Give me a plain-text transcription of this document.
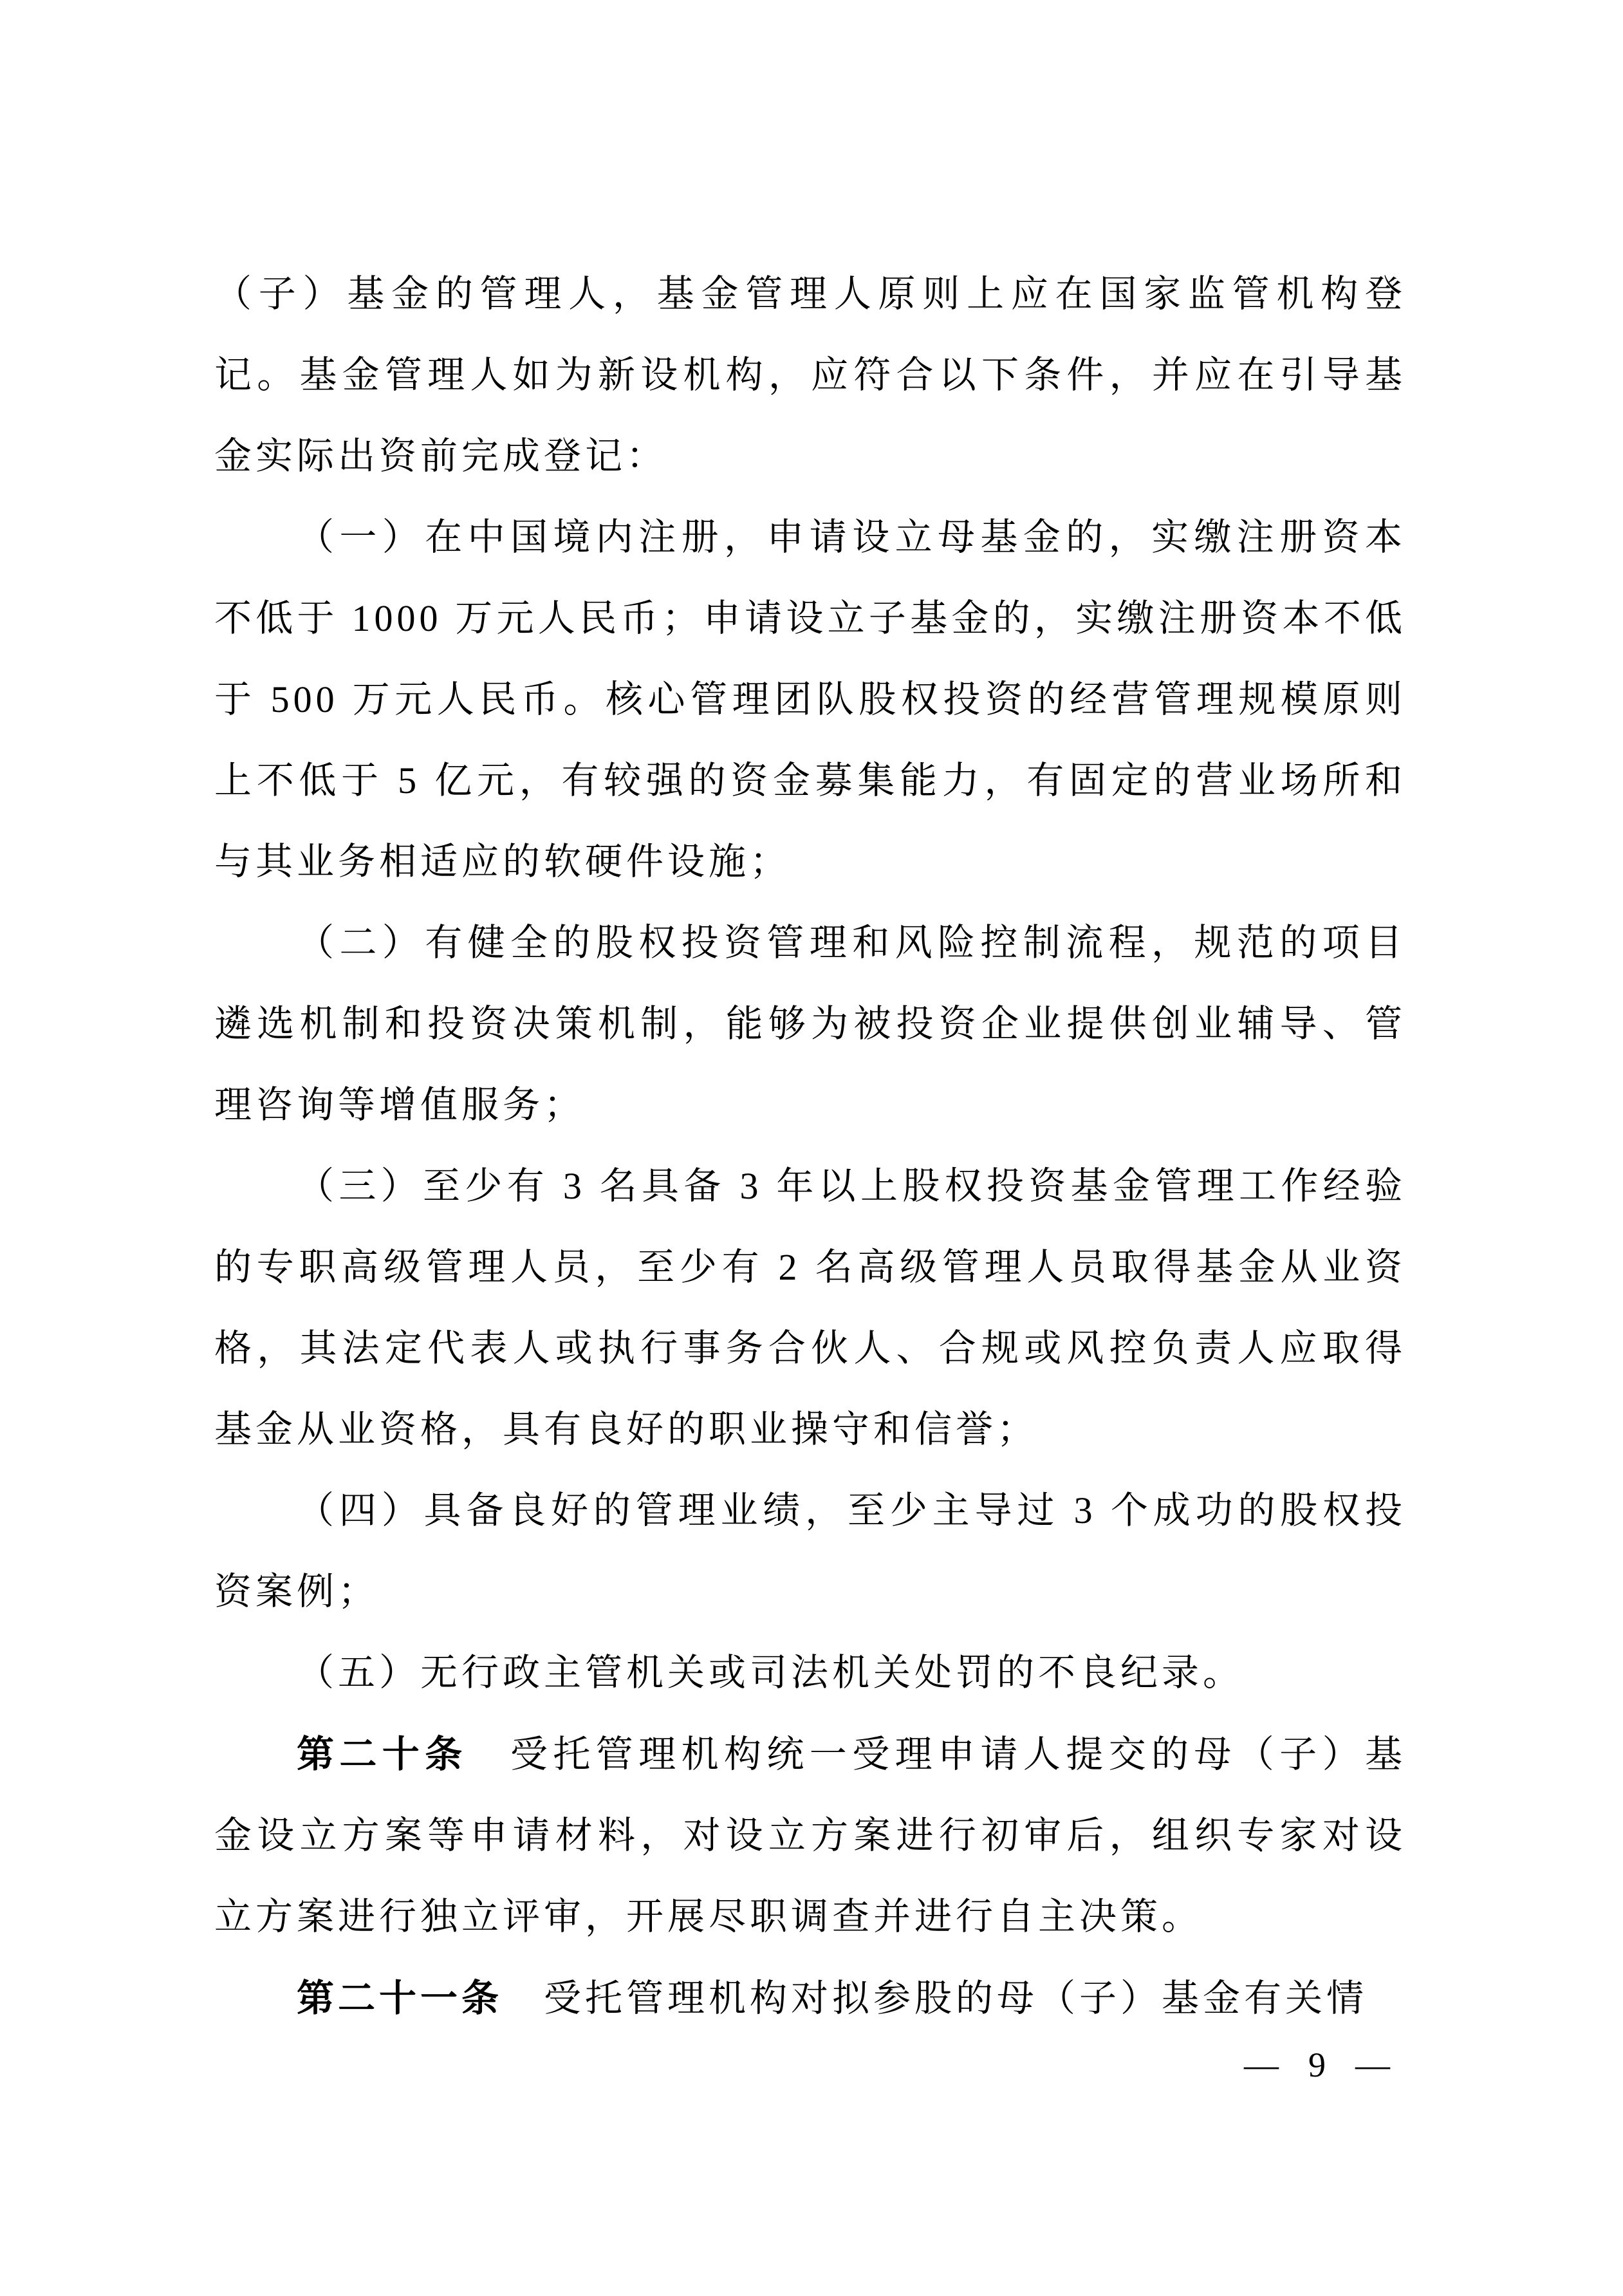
（子）基金的管理人，基金管理人原则上应在国家监管机构登记。基金管理人如为新设机构，应符合以下条件，并应在引导基金实际出资前完成登记：

（一）在中国境内注册，申请设立母基金的，实缴注册资本不低于 1000 万元人民币；申请设立子基金的，实缴注册资本不低于 500 万元人民币。核心管理团队股权投资的经营管理规模原则上不低于 5 亿元，有较强的资金募集能力，有固定的营业场所和与其业务相适应的软硬件设施；

（二）有健全的股权投资管理和风险控制流程，规范的项目遴选机制和投资决策机制，能够为被投资企业提供创业辅导、管理咨询等增值服务；

（三）至少有 3 名具备 3 年以上股权投资基金管理工作经验的专职高级管理人员，至少有 2 名高级管理人员取得基金从业资格，其法定代表人或执行事务合伙人、合规或风控负责人应取得基金从业资格，具有良好的职业操守和信誉；

（四）具备良好的管理业绩，至少主导过 3 个成功的股权投资案例；

（五）无行政主管机关或司法机关处罚的不良纪录。

第二十条　受托管理机构统一受理申请人提交的母（子）基金设立方案等申请材料，对设立方案进行初审后，组织专家对设立方案进行独立评审，开展尽职调查并进行自主决策。

第二十一条　受托管理机构对拟参股的母（子）基金有关情

— 9 —
